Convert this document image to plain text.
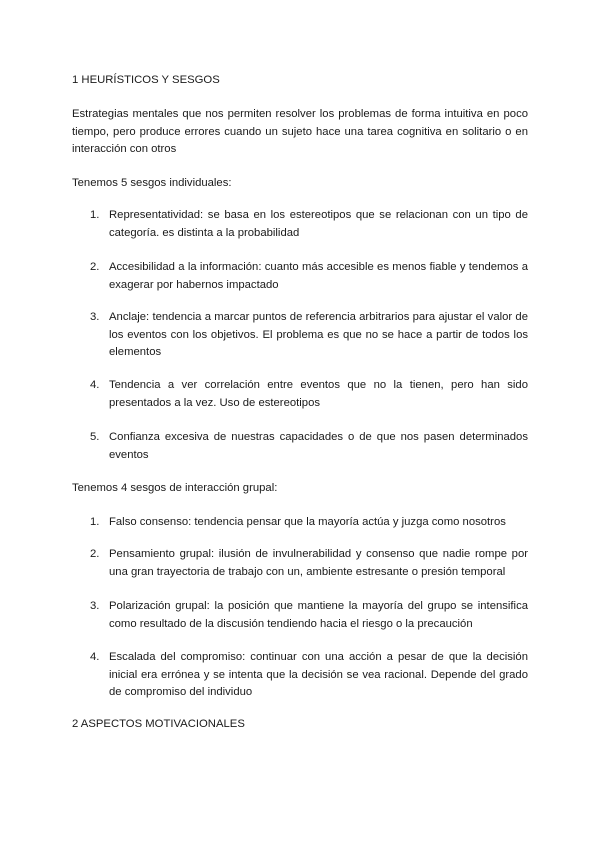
1 HEURÍSTICOS Y SESGOS

Estrategias mentales que nos permiten resolver los problemas de forma intuitiva en poco tiempo, pero produce errores cuando un sujeto hace una tarea cognitiva en solitario o en interacción con otros

Tenemos 5 sesgos individuales:

1. Representatividad: se basa en los estereotipos que se relacionan con un tipo de categoría. es distinta a la probabilidad
2. Accesibilidad a la información: cuanto más accesible es menos fiable y tendemos a exagerar por habernos impactado
3. Anclaje: tendencia a marcar puntos de referencia arbitrarios para ajustar el valor de los eventos con los objetivos. El problema es que no se hace a partir de todos los elementos
4. Tendencia a ver correlación entre eventos que no la tienen, pero han sido presentados a la vez. Uso de estereotipos
5. Confianza excesiva de nuestras capacidades o de que nos pasen determinados eventos

Tenemos 4 sesgos de interacción grupal:

1. Falso consenso: tendencia pensar que la mayoría actúa y juzga como nosotros
2. Pensamiento grupal: ilusión de invulnerabilidad y consenso que nadie rompe por una gran trayectoria de trabajo con un, ambiente estresante o presión temporal
3. Polarización grupal: la posición que mantiene la mayoría del grupo se intensifica como resultado de la discusión tendiendo hacia el riesgo o la precaución
4. Escalada del compromiso: continuar con una acción a pesar de que la decisión inicial era errónea y se intenta que la decisión se vea racional. Depende del grado de compromiso del individuo

2 ASPECTOS MOTIVACIONALES
